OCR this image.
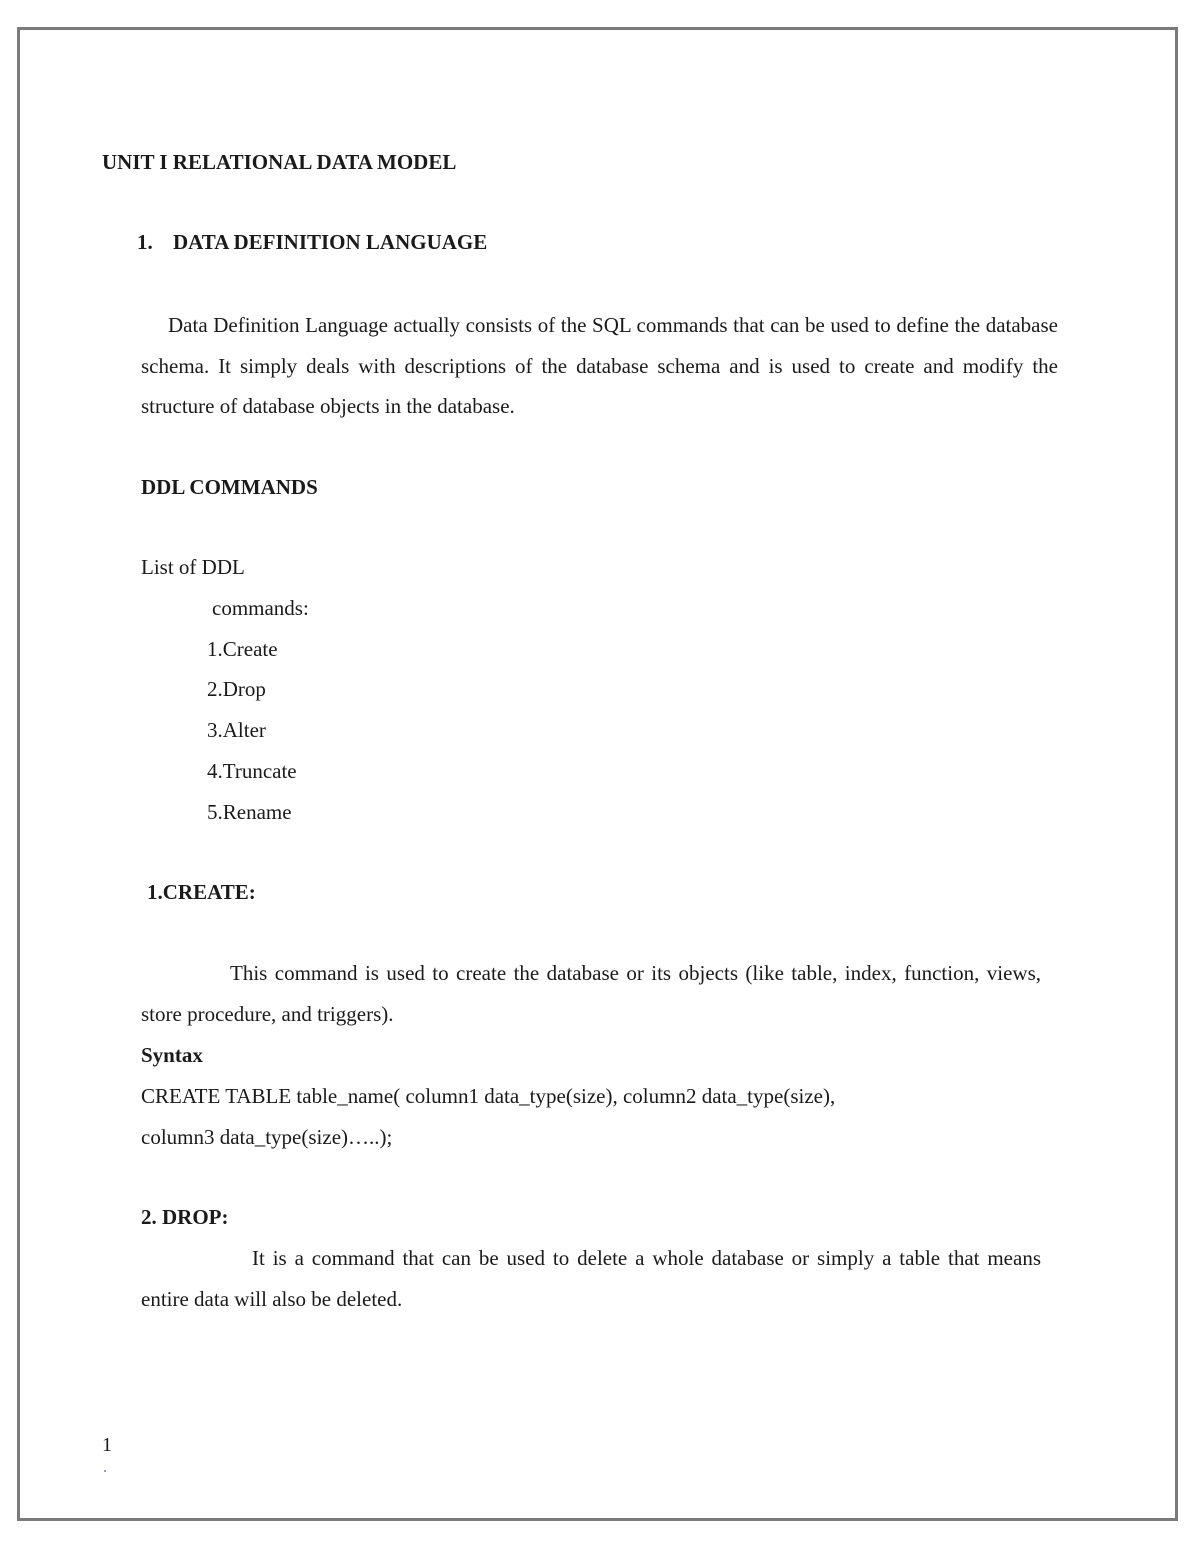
UNIT I RELATIONAL DATA MODEL
1. DATA DEFINITION LANGUAGE

Data Definition Language actually consists of the SQL commands that can be used to define the database schema. It simply deals with descriptions of the database schema and is used to create and modify the structure of database objects in the database.

DDL COMMANDS
List of DDL
commands:
1.Create
2.Drop
3.Alter
4.Truncate
5.Rename
1.CREATE:

This command is used to create the database or its objects (like table, index, function, views, store procedure, and triggers).

Syntax

CREATE TABLE table_name( column1 data_type(size), column2 data_type(size),

column3 data_type(size)…..);

2. DROP:

It is a command that can be used to delete a whole database or simply a table that means entire data will also be deleted.

1
